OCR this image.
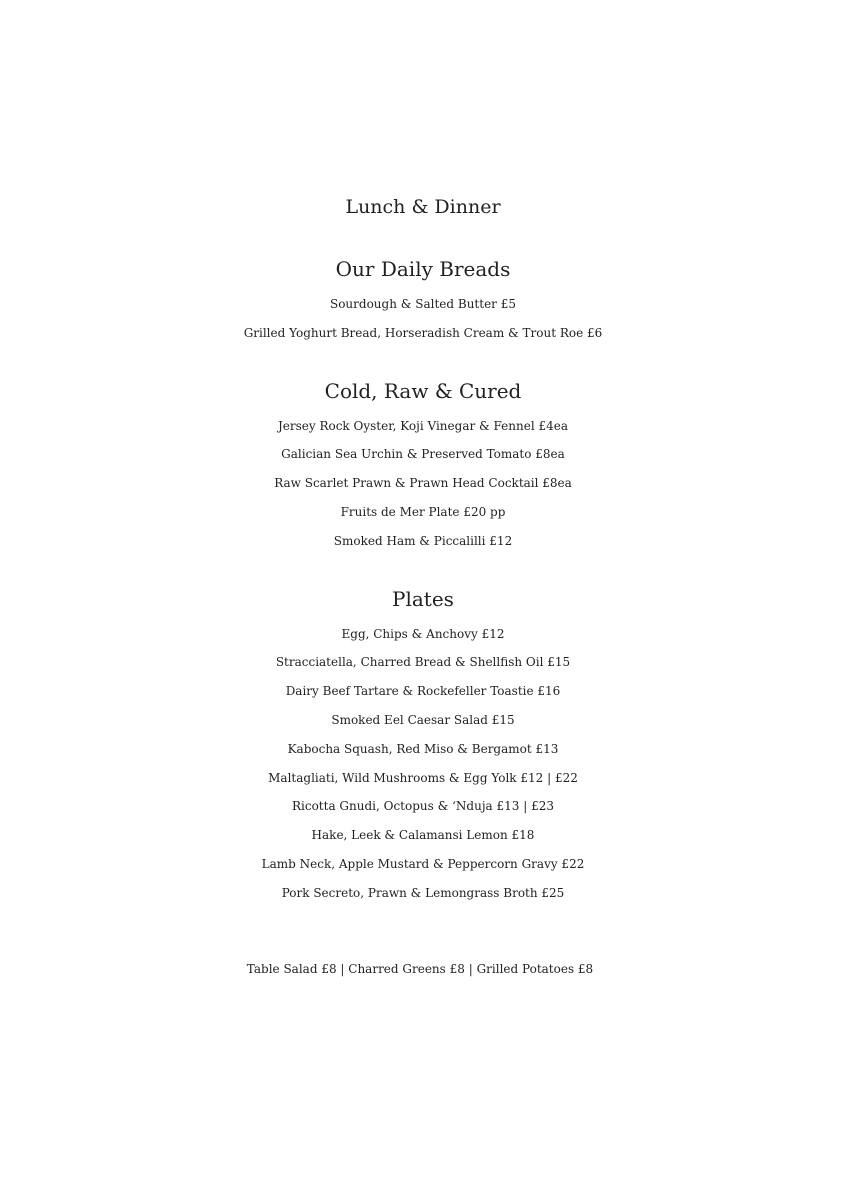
Lunch & Dinner
Our Daily Breads
Sourdough & Salted Butter £5
Grilled Yoghurt Bread, Horseradish Cream & Trout Roe £6
Cold, Raw & Cured
Jersey Rock Oyster, Koji Vinegar & Fennel £4ea
Galician Sea Urchin & Preserved Tomato £8ea
Raw Scarlet Prawn & Prawn Head Cocktail £8ea
Fruits de Mer Plate £20 pp
Smoked Ham & Piccalilli £12
Plates
Egg, Chips & Anchovy £12
Stracciatella, Charred Bread & Shellfish Oil £15
Dairy Beef Tartare & Rockefeller Toastie £16
Smoked Eel Caesar Salad £15
Kabocha Squash, Red Miso & Bergamot £13
Maltagliati, Wild Mushrooms & Egg Yolk £12 | £22
Ricotta Gnudi, Octopus & ‘Nduja £13 | £23
Hake, Leek & Calamansi Lemon £18
Lamb Neck, Apple Mustard & Peppercorn Gravy £22
Pork Secreto, Prawn & Lemongrass Broth £25
Table Salad £8 | Charred Greens £8 | Grilled Potatoes £8
